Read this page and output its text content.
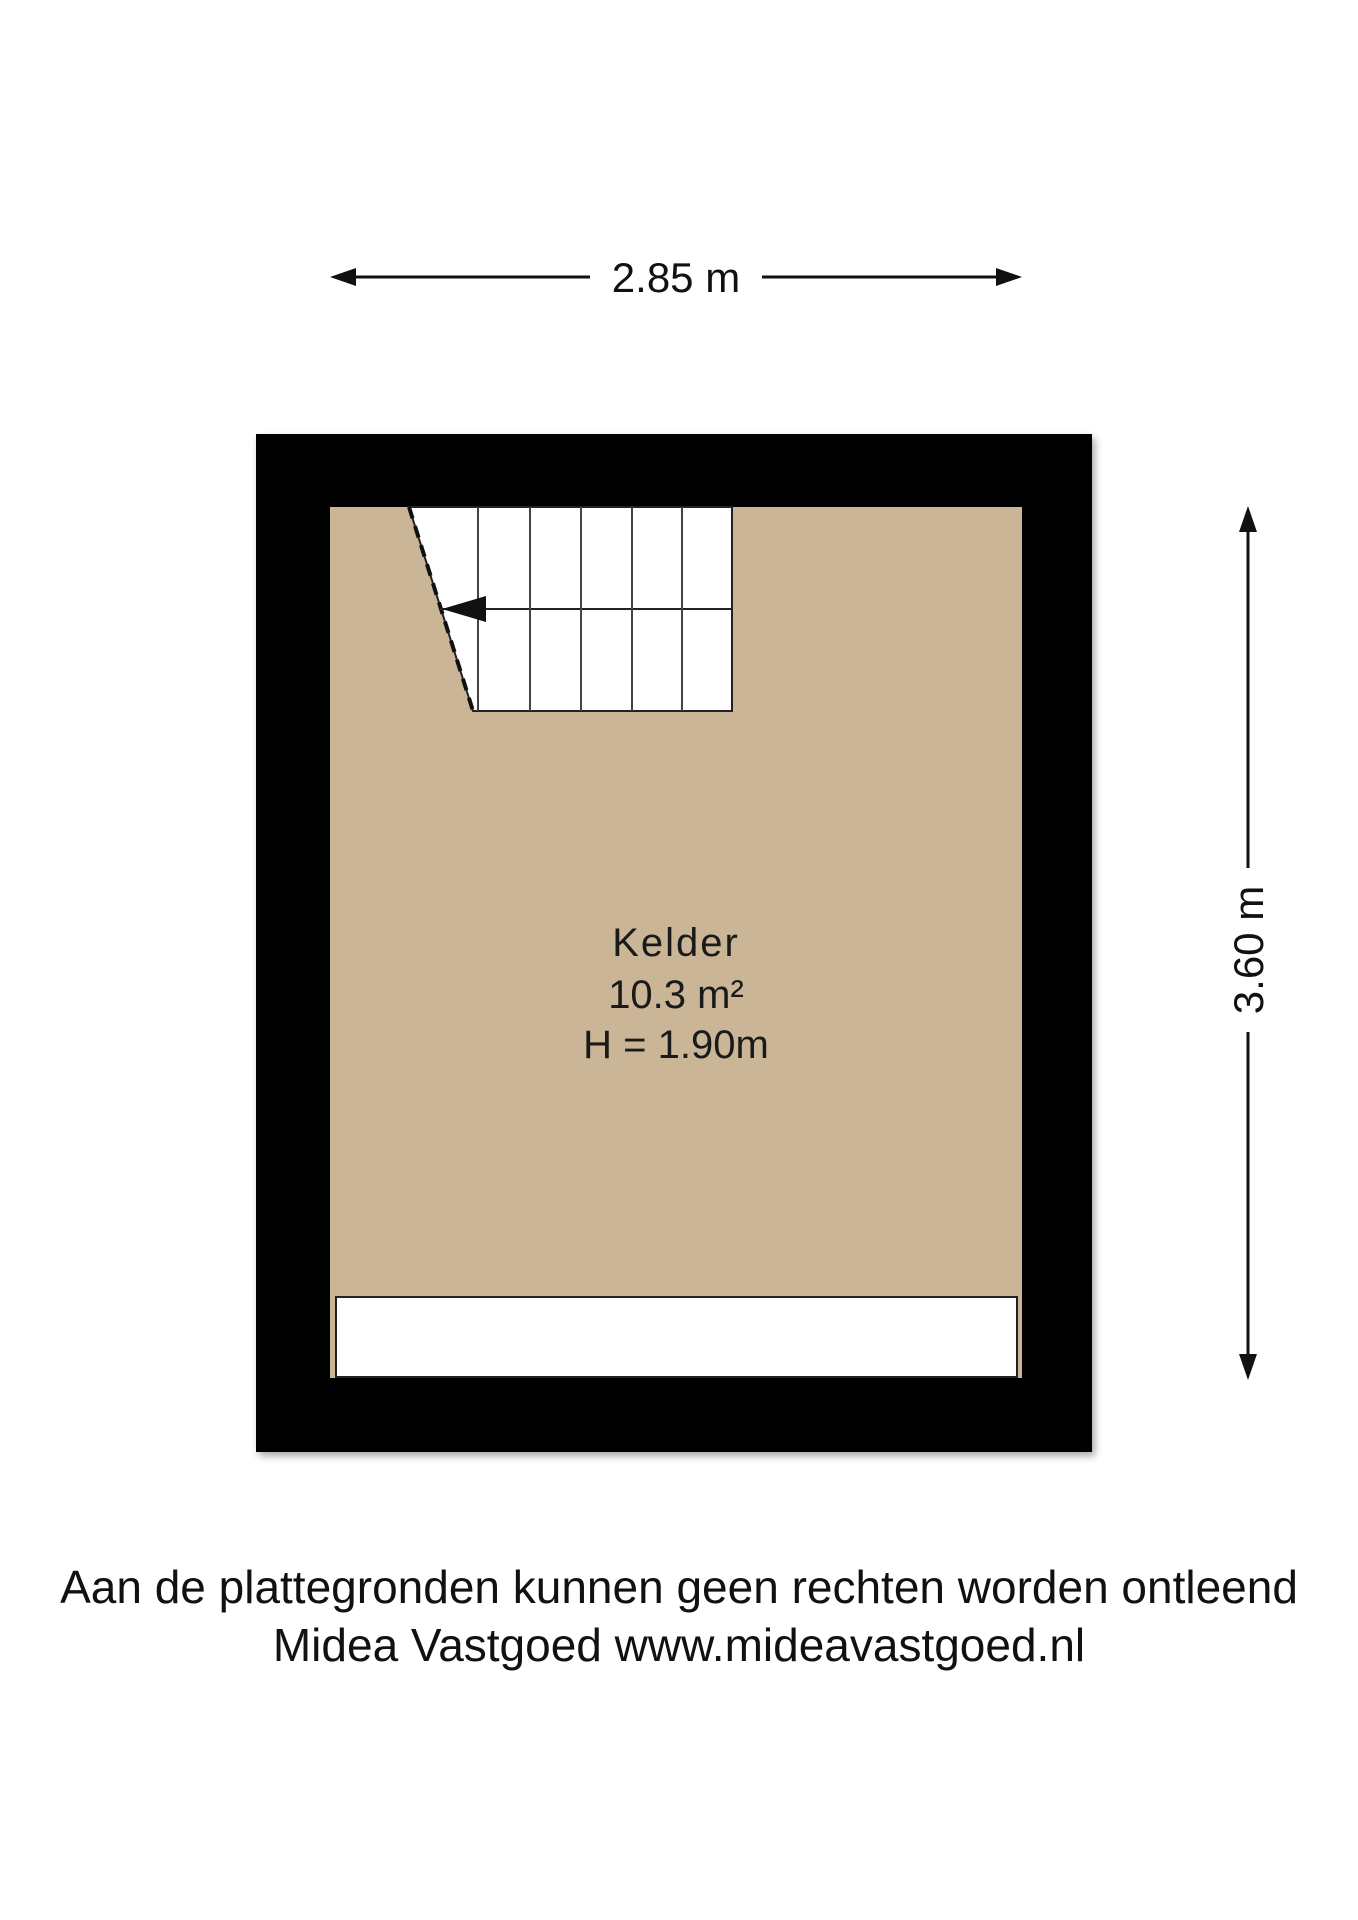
2.85 m
3.60 m
Kelder
10.3 m²
H = 1.90m
Aan de plattegronden kunnen geen rechten worden ontleend
Midea Vastgoed www.mideavastgoed.nl
